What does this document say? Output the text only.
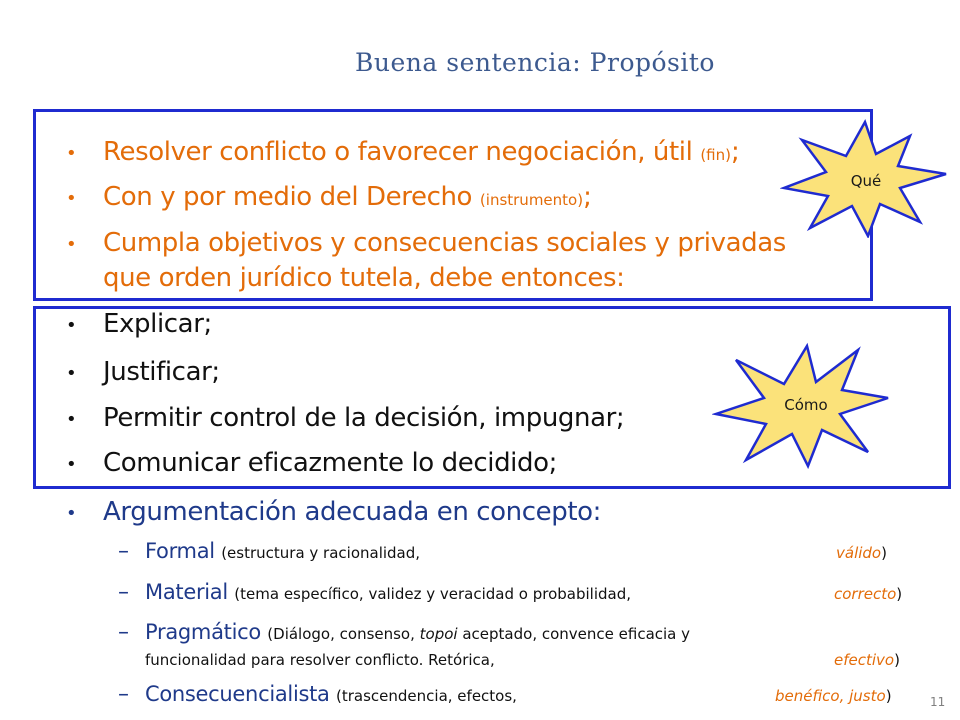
Buena sentencia: Propósito
• Resolver conflicto o favorecer negociación, útil (fin);
• Con y por medio del Derecho (instrumento);
• Cumpla objetivos y consecuencias sociales y privadas
que orden jurídico tutela, debe entonces:
• Explicar;
• Justificar;
• Permitir control de la decisión, impugnar;
• Comunicar eficazmente lo decidido;
• Argumentación adecuada en concepto:
– Formal (estructura y racionalidad,	válido)
– Material (tema específico, validez y veracidad o probabilidad,	correcto)
– Pragmático (Diálogo, consenso, topoi aceptado, convence eficacia y
funcionalidad para resolver conflicto. Retórica,	efectivo)
– Consecuencialista (trascendencia, efectos,	benéfico, justo)
Qué
Cómo
11
